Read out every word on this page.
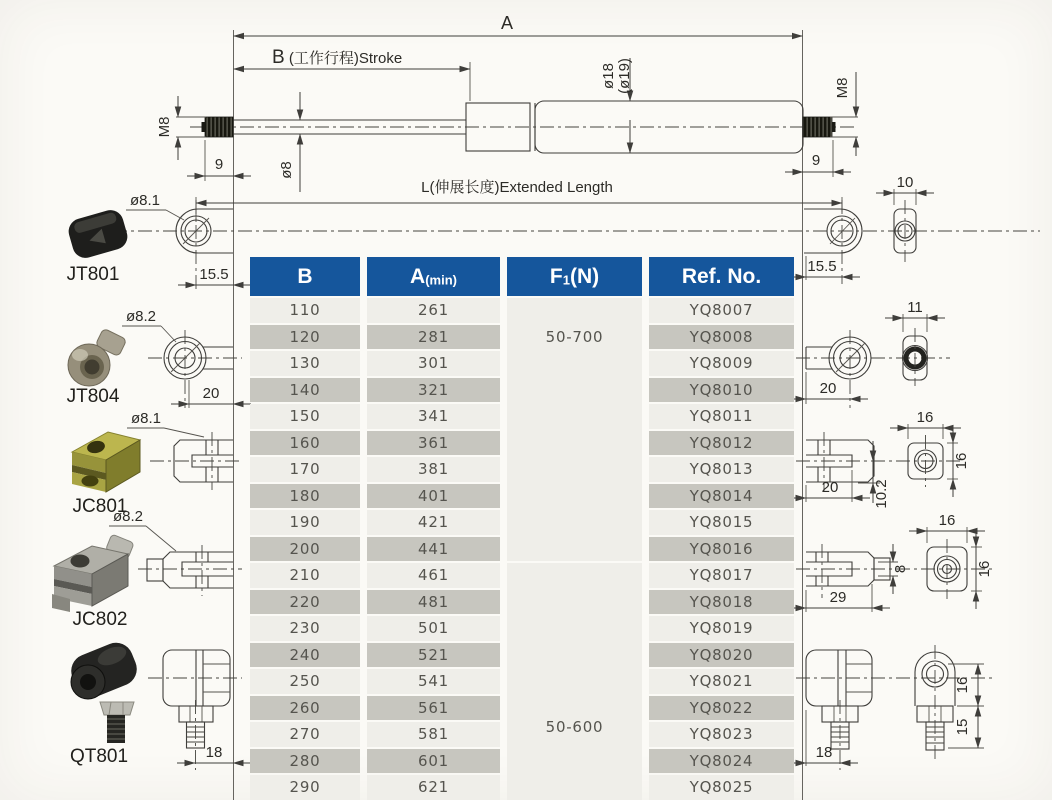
A
B (工作行程)Stroke
M8
9	ø8
ø18 (ø19)	M8
9
L(伸展长度)Extended Length
ø8.1
JT801	15.5
ø8.2
JT804	20
ø8.1
JC801
ø8.2
JC802
QT801	18
15.5
10
20
11
20 10.2
16
16
8
29
16
16
18
16
15
B	A(min)	F1(N)	Ref. No.
110	261	50-700	YQ8007
120	281		YQ8008
130	301		YQ8009
140	321		YQ8010
150	341		YQ8011
160	361		YQ8012
170	381		YQ8013
180	401		YQ8014
190	421		YQ8015
200	441		YQ8016
210	461	50-600	YQ8017
220	481		YQ8018
230	501		YQ8019
240	521		YQ8020
250	541		YQ8021
260	561		YQ8022
270	581		YQ8023
280	601		YQ8024
290	621		YQ8025
